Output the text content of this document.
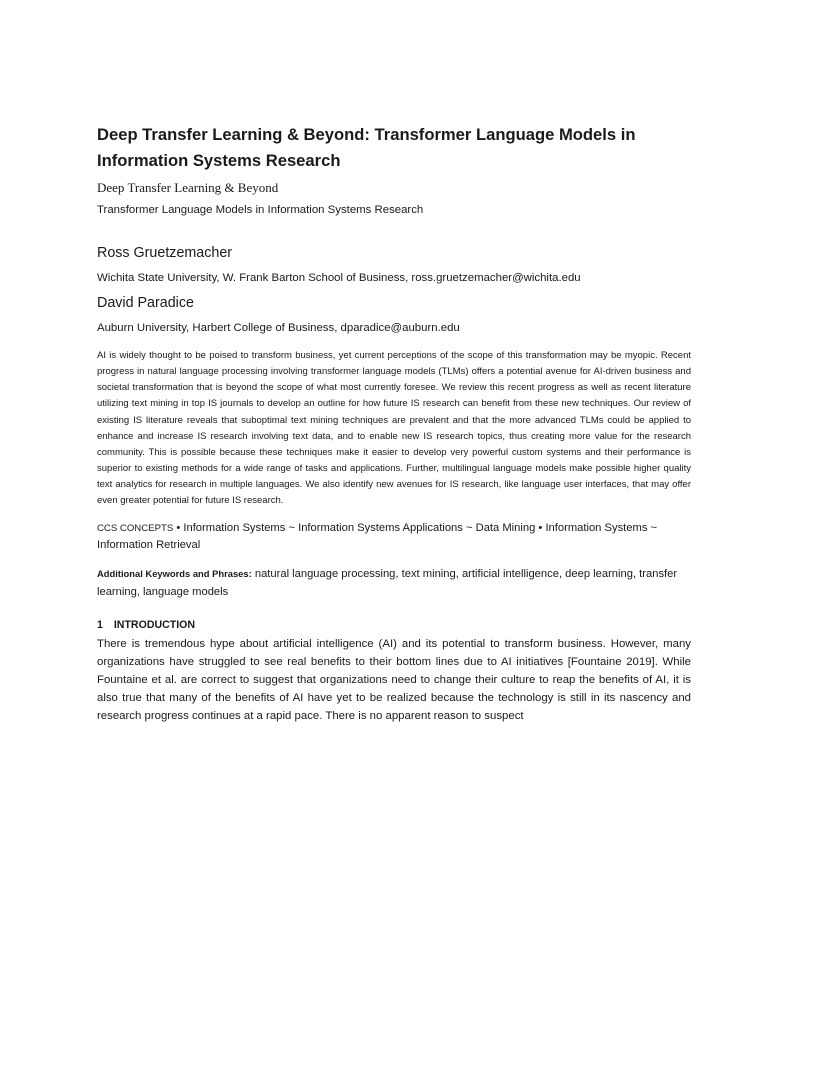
Deep Transfer Learning & Beyond: Transformer Language Models in Information Systems Research
Deep Transfer Learning & Beyond
Transformer Language Models in Information Systems Research
Ross Gruetzemacher
Wichita State University, W. Frank Barton School of Business, ross.gruetzemacher@wichita.edu
David Paradice
Auburn University, Harbert College of Business, dparadice@auburn.edu

AI is widely thought to be poised to transform business, yet current perceptions of the scope of this transformation may be myopic. Recent progress in natural language processing involving transformer language models (TLMs) offers a potential avenue for AI-driven business and societal transformation that is beyond the scope of what most currently foresee. We review this recent progress as well as recent literature utilizing text mining in top IS journals to develop an outline for how future IS research can benefit from these new techniques. Our review of existing IS literature reveals that suboptimal text mining techniques are prevalent and that the more advanced TLMs could be applied to enhance and increase IS research involving text data, and to enable new IS research topics, thus creating more value for the research community. This is possible because these techniques make it easier to develop very powerful custom systems and their performance is superior to existing methods for a wide range of tasks and applications. Further, multilingual language models make possible higher quality text analytics for research in multiple languages. We also identify new avenues for IS research, like language user interfaces, that may offer even greater potential for future IS research.

CCS CONCEPTS • Information Systems ~ Information Systems Applications ~ Data Mining • Information Systems ~ Information Retrieval
Additional Keywords and Phrases: natural language processing, text mining, artificial intelligence, deep learning, transfer learning, language models
1 INTRODUCTION

There is tremendous hype about artificial intelligence (AI) and its potential to transform business. However, many organizations have struggled to see real benefits to their bottom lines due to AI initiatives [Fountaine 2019]. While Fountaine et al. are correct to suggest that organizations need to change their culture to reap the benefits of AI, it is also true that many of the benefits of AI have yet to be realized because the technology is still in its nascency and research progress continues at a rapid pace. There is no apparent reason to suspect
